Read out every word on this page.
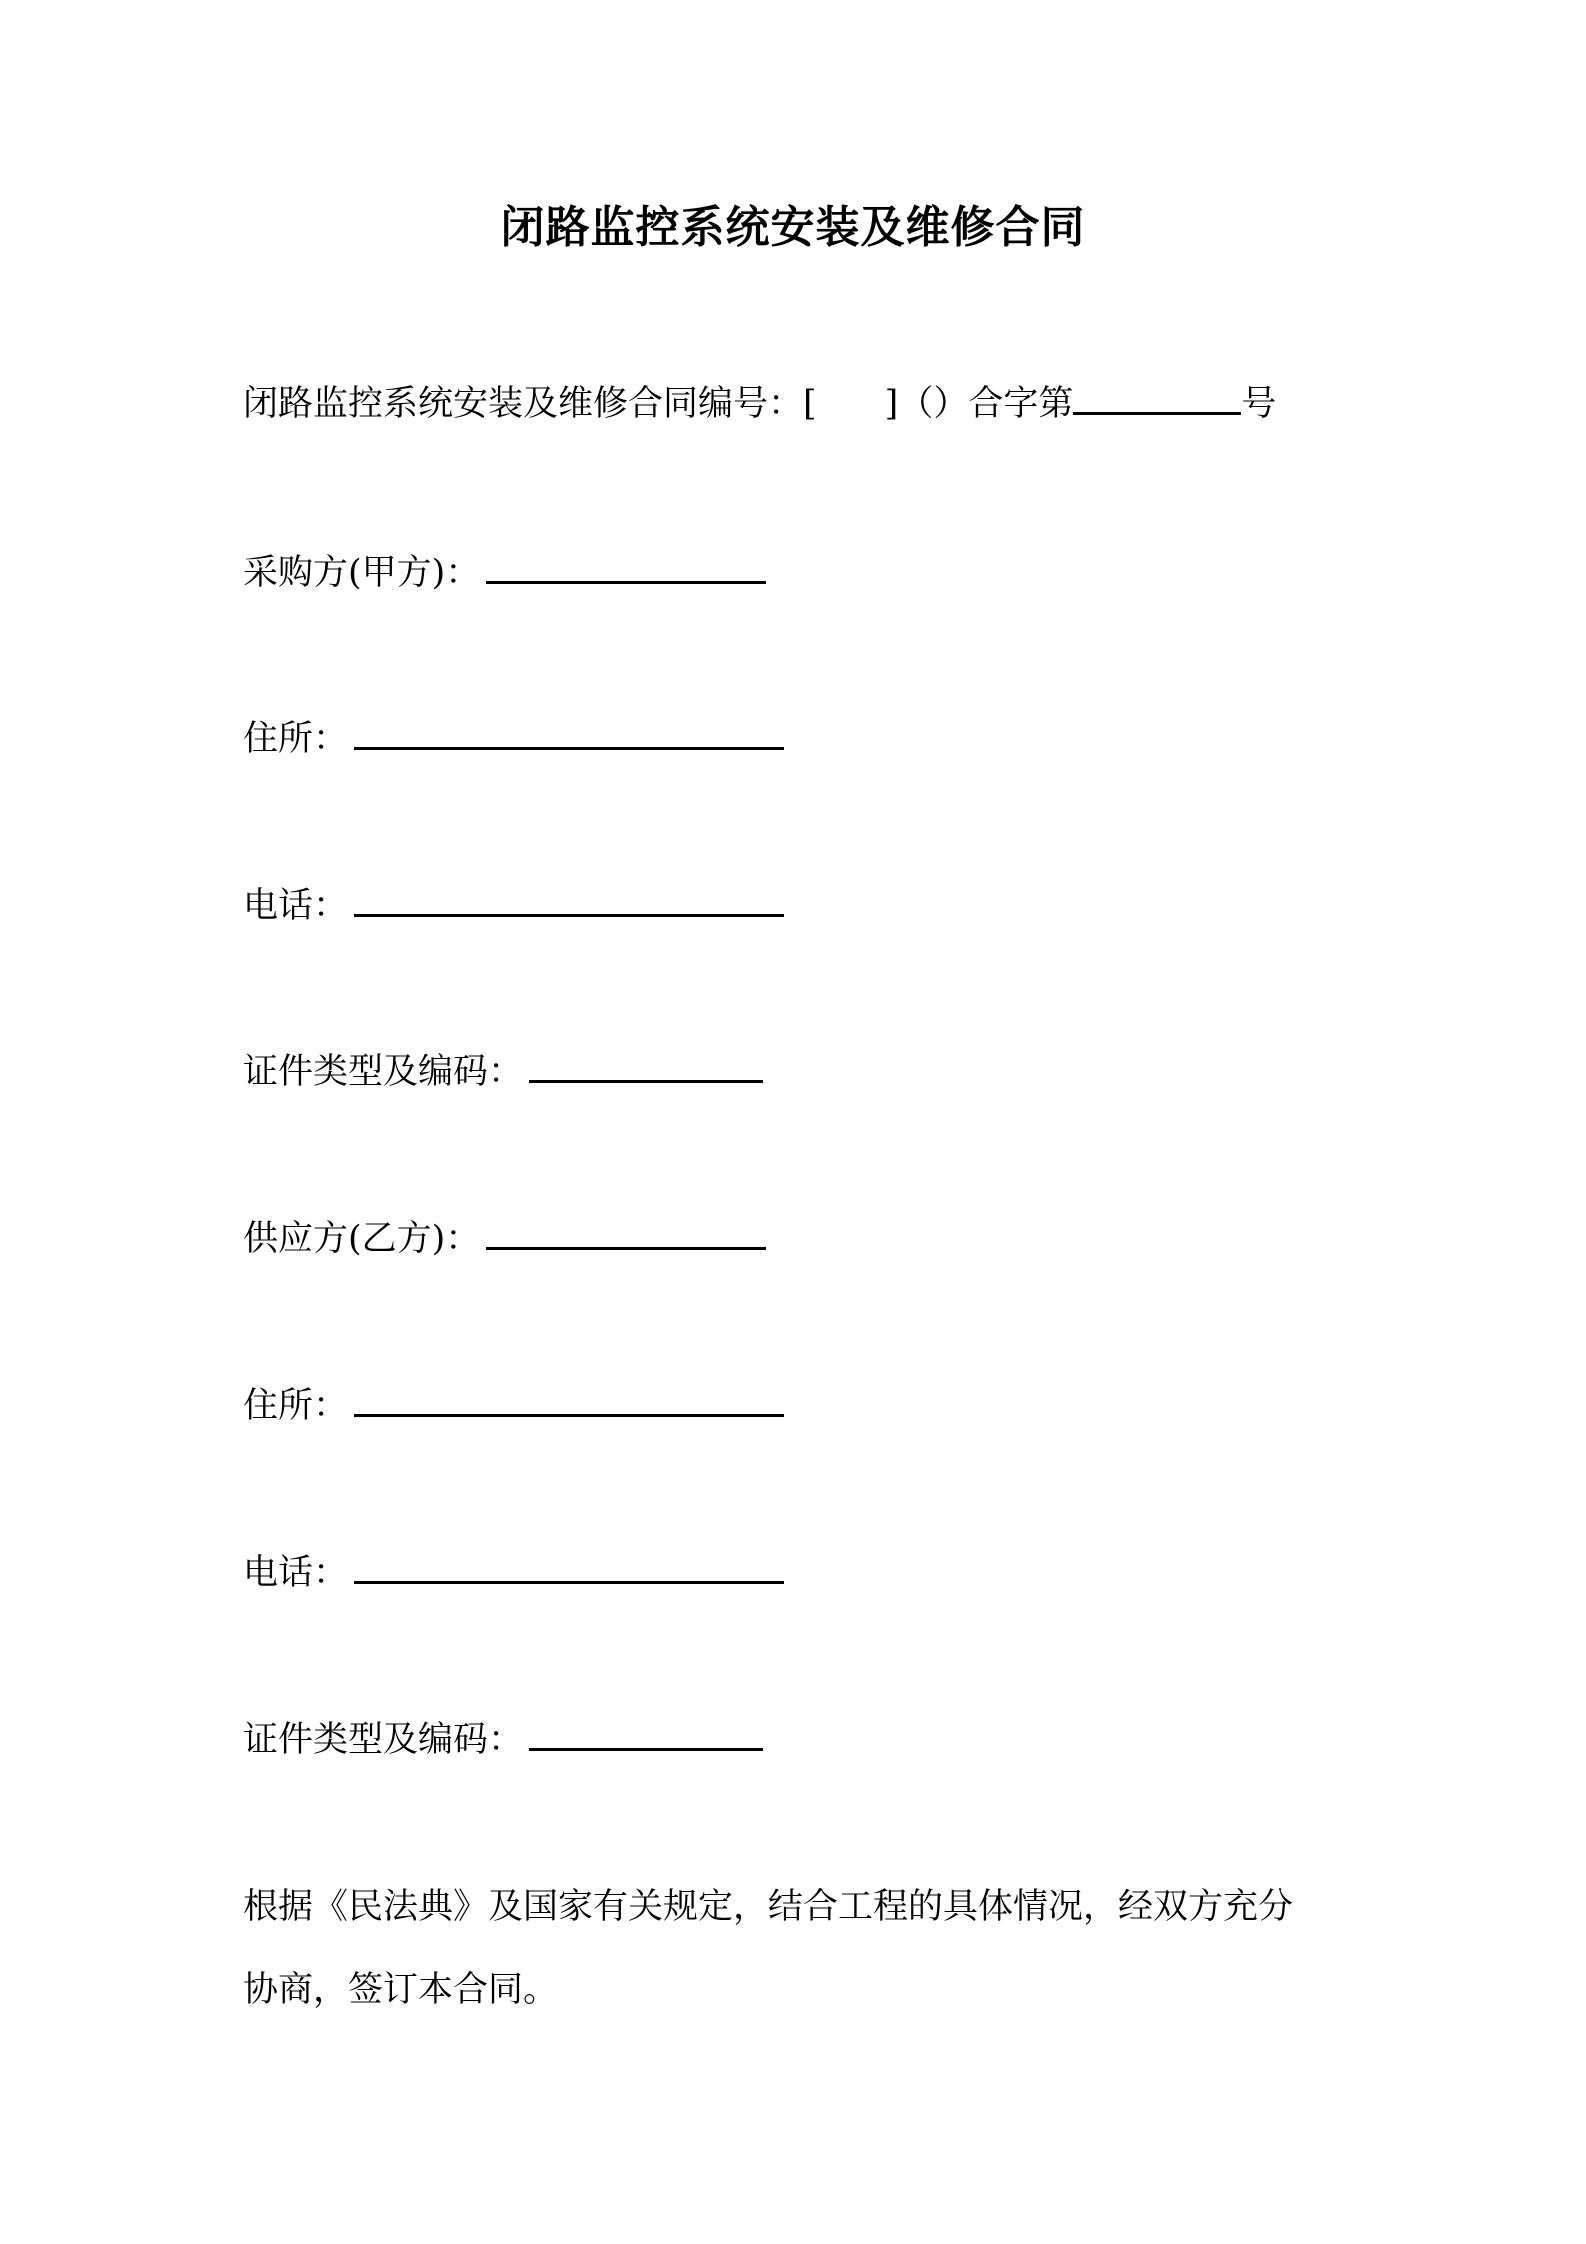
闭路监控系统安装及维修合同
闭路监控系统安装及维修合同编号：[ ]（）合字第	号
采购方(甲方)：
住所：
电话：
证件类型及编码：
供应方(乙方)：
住所：
电话：
证件类型及编码：
根据《民法典》及国家有关规定，结合工程的具体情况，经双方充分
协商，签订本合同。
